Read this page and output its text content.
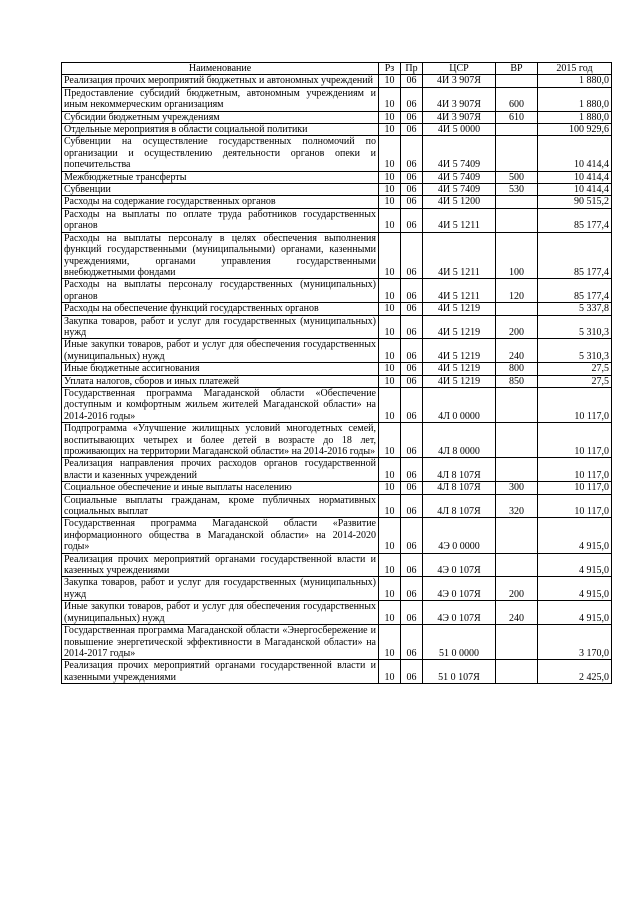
Наименование	Рз	Пр	ЦСР	ВР	2015 год
Реализация прочих мероприятий бюджетных и автономных учреждений	10	06	4И 3 907Я		1 880,0
Предоставление субсидий бюджетным, автономным учреждениям и иным некоммерческим организациям	10	06	4И 3 907Я	600	1 880,0
Субсидии бюджетным учреждениям	10	06	4И 3 907Я	610	1 880,0
Отдельные мероприятия в области социальной политики	10	06	4И 5 0000		100 929,6
Субвенции на осуществление государственных полномочий по организации и осуществлению деятельности органов опеки и попечительства	10	06	4И 5 7409		10 414,4
Межбюджетные трансферты	10	06	4И 5 7409	500	10 414,4
Субвенции	10	06	4И 5 7409	530	10 414,4
Расходы на содержание государственных органов	10	06	4И 5 1200		90 515,2
Расходы на выплаты по оплате труда работников государственных органов	10	06	4И 5 1211		85 177,4
Расходы на выплаты персоналу в целях обеспечения выполнения функций государственными (муниципальными) органами, казенными учреждениями, органами управления государственными внебюджетными фондами	10	06	4И 5 1211	100	85 177,4
Расходы на выплаты персоналу государственных (муниципальных) органов	10	06	4И 5 1211	120	85 177,4
Расходы на обеспечение функций государственных органов	10	06	4И 5 1219		5 337,8
Закупка товаров, работ и услуг для государственных (муниципальных) нужд	10	06	4И 5 1219	200	5 310,3
Иные закупки товаров, работ и услуг для обеспечения государственных (муниципальных) нужд	10	06	4И 5 1219	240	5 310,3
Иные бюджетные ассигнования	10	06	4И 5 1219	800	27,5
Уплата налогов, сборов и иных платежей	10	06	4И 5 1219	850	27,5
Государственная программа Магаданской области «Обеспечение доступным и комфортным жильем жителей Магаданской области» на 2014-2016 годы»	10	06	4Л 0 0000		10 117,0
Подпрограмма «Улучшение жилищных условий многодетных семей, воспитывающих четырех и более детей в возрасте до 18 лет, проживающих на территории Магаданской области» на 2014-2016 годы»	10	06	4Л 8 0000		10 117,0
Реализация направления прочих расходов органов государственной власти и казенных учреждений	10	06	4Л 8 107Я		10 117,0
Социальное обеспечение и иные выплаты населению	10	06	4Л 8 107Я	300	10 117,0
Социальные выплаты гражданам, кроме публичных нормативных социальных выплат	10	06	4Л 8 107Я	320	10 117,0
Государственная программа Магаданской области «Развитие информационного общества в Магаданской области» на 2014-2020 годы»	10	06	4Э 0 0000		4 915,0
Реализация прочих мероприятий органами государственной власти и казенных учреждениями	10	06	4Э 0 107Я		4 915,0
Закупка товаров, работ и услуг для государственных (муниципальных) нужд	10	06	4Э 0 107Я	200	4 915,0
Иные закупки товаров, работ и услуг для обеспечения государственных (муниципальных) нужд	10	06	4Э 0 107Я	240	4 915,0
Государственная программа Магаданской области «Энергосбережение и повышение энергетической эффективности в Магаданской области» на 2014-2017 годы»	10	06	51 0 0000		3 170,0
Реализация прочих мероприятий органами государственной власти и казенными учреждениями	10	06	51 0 107Я		2 425,0
